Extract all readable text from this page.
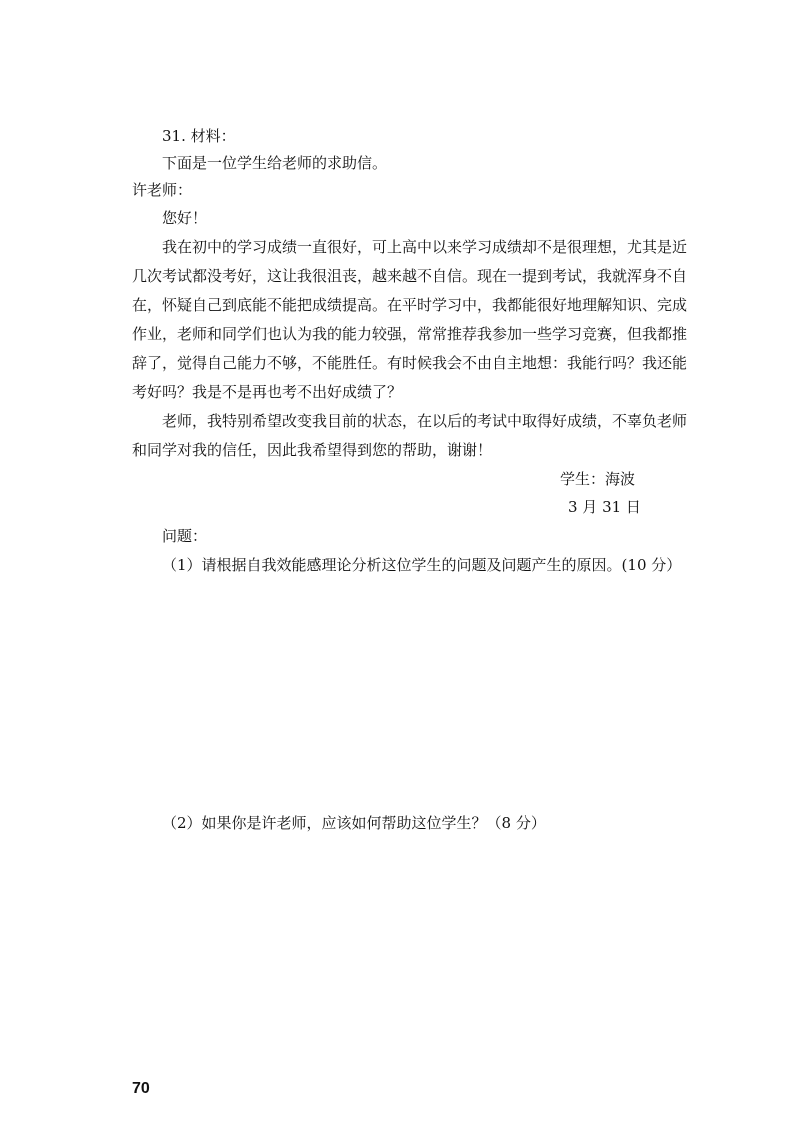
31. 材料：
下面是一位学生给老师的求助信。
许老师：
您好！
我在初中的学习成绩一直很好，可上高中以来学习成绩却不是很理想，尤其是近
几次考试都没考好，这让我很沮丧，越来越不自信。现在一提到考试，我就浑身不自
在，怀疑自己到底能不能把成绩提高。在平时学习中，我都能很好地理解知识、完成
作业，老师和同学们也认为我的能力较强，常常推荐我参加一些学习竞赛，但我都推
辞了，觉得自己能力不够，不能胜任。有时候我会不由自主地想：我能行吗？我还能
考好吗？我是不是再也考不出好成绩了？
老师，我特别希望改变我目前的状态，在以后的考试中取得好成绩，不辜负老师
和同学对我的信任，因此我希望得到您的帮助，谢谢！
学生：海波
3 月 31 日
问题：
（1）请根据自我效能感理论分析这位学生的问题及问题产生的原因。(10 分）
（2）如果你是许老师，应该如何帮助这位学生？（8 分）
70
